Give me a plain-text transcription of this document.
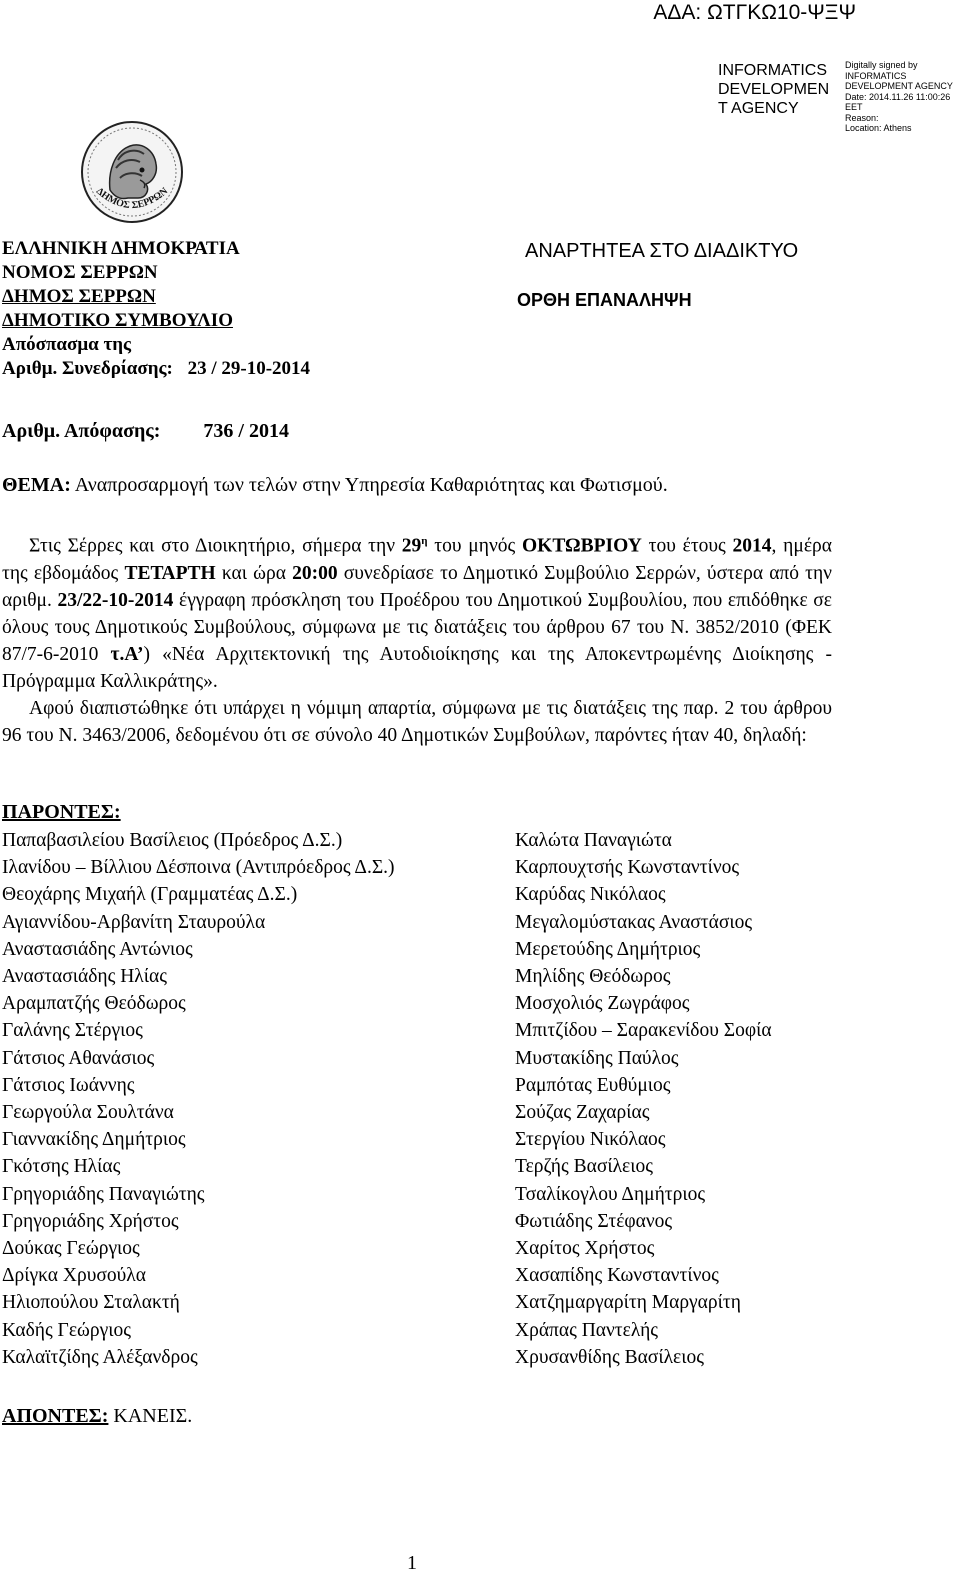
ΑΔΑ: ΩΤΓΚΩ10-ΨΞΨ
INFORMATICS DEVELOPMEN T AGENCY
Digitally signed by
INFORMATICS
DEVELOPMENT AGENCY
Date: 2014.11.26 11:00:26
EET
Reason:
Location: Athens
ΔΗΜΟΣ ΣΕΡΡΩΝ
ΕΛΛΗΝΙΚΗ ΔΗΜΟΚΡΑΤΙΑ
ΝΟΜΟΣ ΣΕΡΡΩΝ
ΔΗΜΟΣ ΣΕΡΡΩΝ
ΔΗΜΟΤΙΚΟ ΣΥΜΒΟΥΛΙΟ
Απόσπασμα της
Αριθμ. Συνεδρίασης: 23 / 29-10-2014
ΑΝΑΡΤΗΤΕΑ ΣΤΟ ΔΙΑΔΙΚΤΥΟ
ΟΡΘΗ ΕΠΑΝΑΛΗΨΗ
Αριθμ. Απόφασης: 736 / 2014
ΘΕΜΑ: Αναπροσαρμογή των τελών στην Υπηρεσία Καθαριότητας και Φωτισμού.

Στις Σέρρες και στο Διοικητήριο, σήμερα την $29^\eta$ του μηνός ΟΚΤΩΒΡΙΟΥ του έτους 2014, ημέρα της εβδομάδος ΤΕΤΑΡΤΗ και ώρα 20:00 συνεδρίασε το Δημοτικό Συμβούλιο Σερρών, ύστερα από την αριθμ. 23/22-10-2014 έγγραφη πρόσκληση του Προέδρου του Δημοτικού Συμβουλίου, που επιδόθηκε σε όλους τους Δημοτικούς Συμβούλους, σύμφωνα με τις διατάξεις του άρθρου 67 του Ν. 3852/2010 (ΦΕΚ 87/7-6-2010 τ.Α’) «Νέα Αρχιτεκτονική της Αυτοδιοίκησης και της Αποκεντρωμένης Διοίκησης - Πρόγραμμα Καλλικράτης».

Αφού διαπιστώθηκε ότι υπάρχει η νόμιμη απαρτία, σύμφωνα με τις διατάξεις της παρ. 2 του άρθρου 96 του Ν. 3463/2006, δεδομένου ότι σε σύνολο 40 Δημοτικών Συμβούλων, παρόντες ήταν 40, δηλαδή:

ΠΑΡΟΝΤΕΣ:
Παπαβασιλείου Βασίλειος (Πρόεδρος Δ.Σ.)
Ιλανίδου – Βίλλιου Δέσποινα (Αντιπρόεδρος Δ.Σ.)
Θεοχάρης Μιχαήλ (Γραμματέας Δ.Σ.)
Αγιαννίδου-Αρβανίτη Σταυρούλα
Αναστασιάδης Αντώνιος
Αναστασιάδης Ηλίας
Αραμπατζής Θεόδωρος
Γαλάνης Στέργιος
Γάτσιος Αθανάσιος
Γάτσιος Ιωάννης
Γεωργούλα Σουλτάνα
Γιαννακίδης Δημήτριος
Γκότσης Ηλίας
Γρηγοριάδης Παναγιώτης
Γρηγοριάδης Χρήστος
Δούκας Γεώργιος
Δρίγκα Χρυσούλα
Ηλιοπούλου Σταλακτή
Καδής Γεώργιος
Καλαϊτζίδης Αλέξανδρος
Καλώτα Παναγιώτα
Καρπουχτσής Κωνσταντίνος
Καρύδας Νικόλαος
Μεγαλομύστακας Αναστάσιος
Μερετούδης Δημήτριος
Μηλίδης Θεόδωρος
Μοσχολιός Ζωγράφος
Μπιτζίδου – Σαρακενίδου Σοφία
Μυστακίδης Παύλος
Ραμπότας Ευθύμιος
Σούζας Ζαχαρίας
Στεργίου Νικόλαος
Τερζής Βασίλειος
Τσαλίκογλου Δημήτριος
Φωτιάδης Στέφανος
Χαρίτος Χρήστος
Χασαπίδης Κωνσταντίνος
Χατζημαργαρίτη Μαργαρίτη
Χράπας Παντελής
Χρυσανθίδης Βασίλειος
ΑΠΟΝΤΕΣ: ΚΑΝΕΙΣ.
1
